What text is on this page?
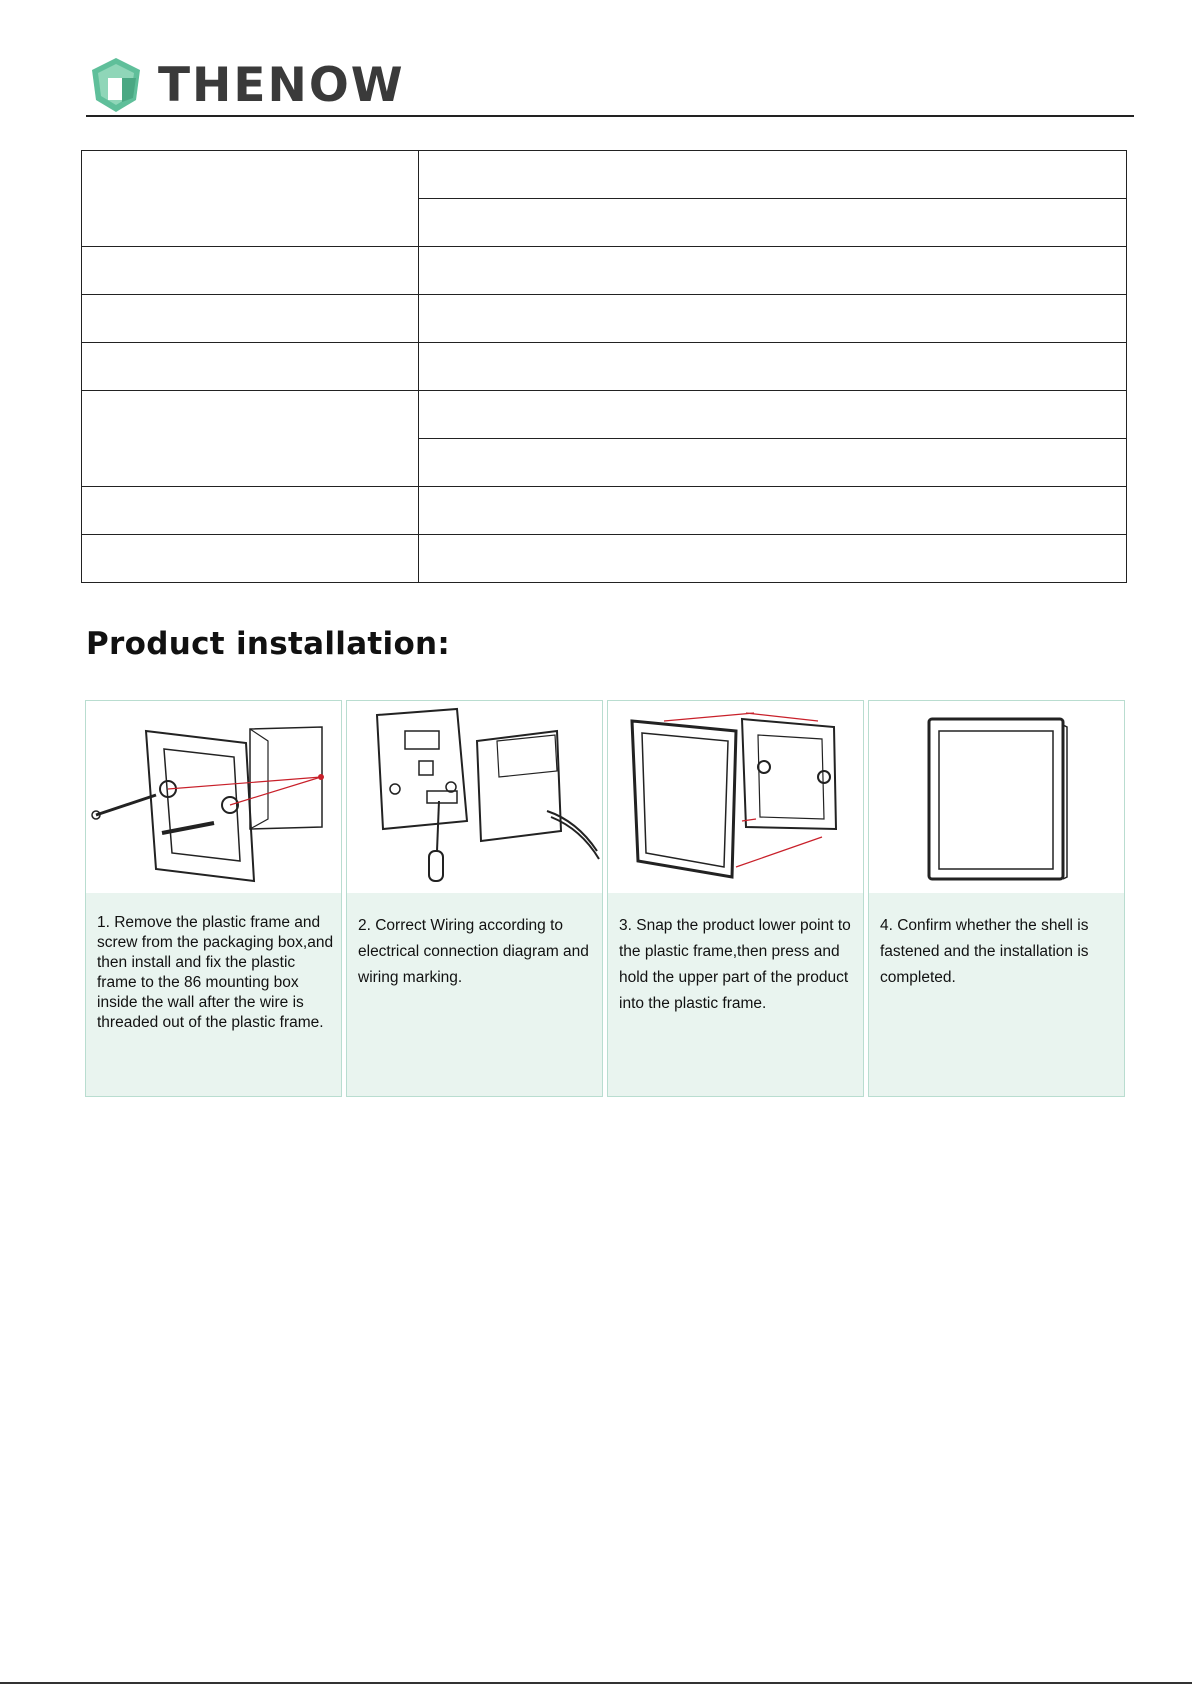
THENOW

Product installation:
1. Remove the plastic frame and screw from the packaging box,and then install and fix the plastic frame to the 86 mounting box inside the wall after the wire is threaded out of the plastic frame.
2. Correct Wiring according to electrical connection diagram and wiring marking.
3. Snap the product lower point to the plastic frame,then press and hold the upper part of the product into the plastic frame.
4. Confirm whether the shell is fastened and the installation is completed.
